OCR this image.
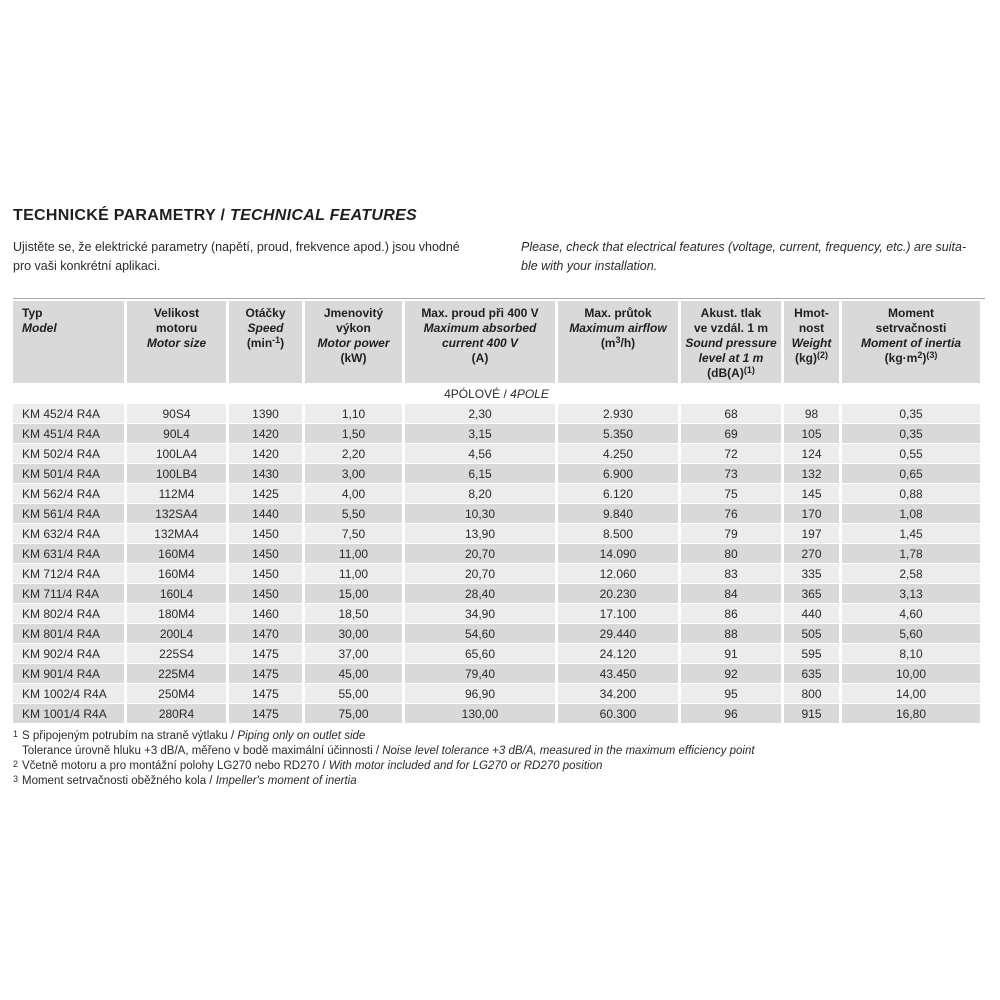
TECHNICKÉ PARAMETRY / TECHNICAL FEATURES

Ujistěte se, že elektrické parametry (napětí, proud, frekvence apod.) jsou vhodné
pro vaši konkrétní aplikaci.

Please, check that electrical features (voltage, current, frequency, etc.) are suita-
ble with your installation.

Typ
Model

Velikost
motoru
Motor size

Otáčky
Speed
$(\min^{-1})$

Jmenovitý
výkon
Motor power
(kW)

Max. proud při 400 V
Maximum absorbed
current 400 V
(A)

Max. průtok
Maximum airflow
$(m^3/h)$

Akust. tlak
ve vzdál. 1 m
Sound pressure
level at 1 m
($dB(A)^{(1)}$

Hmot-
nost
Weight
(kg)$^{(2)}$

Moment
setrvačnosti
Moment of inertia
$(kg\cdot m^2)^{(3)}$

4PÓLOVÉ / 4POLE								
KM 452/4 R4A	90S4	1390	1,10	2,30	2.930	68	98	0,35
KM 451/4 R4A	90L4	1420	1,50	3,15	5.350	69	105	0,35
KM 502/4 R4A	100LA4	1420	2,20	4,56	4.250	72	124	0,55
KM 501/4 R4A	100LB4	1430	3,00	6,15	6.900	73	132	0,65
KM 562/4 R4A	112M4	1425	4,00	8,20	6.120	75	145	0,88
KM 561/4 R4A	132SA4	1440	5,50	10,30	9.840	76	170	1,08
KM 632/4 R4A	132MA4	1450	7,50	13,90	8.500	79	197	1,45
KM 631/4 R4A	160M4	1450	11,00	20,70	14.090	80	270	1,78
KM 712/4 R4A	160M4	1450	11,00	20,70	12.060	83	335	2,58
KM 711/4 R4A	160L4	1450	15,00	28,40	20.230	84	365	3,13
KM 802/4 R4A	180M4	1460	18,50	34,90	17.100	86	440	4,60
KM 801/4 R4A	200L4	1470	30,00	54,60	29.440	88	505	5,60
KM 902/4 R4A	225S4	1475	37,00	65,60	24.120	91	595	8,10
KM 901/4 R4A	225M4	1475	45,00	79,40	43.450	92	635	10,00
KM 1002/4 R4A	250M4	1475	55,00	96,90	34.200	95	800	14,00
KM 1001/4 R4A	280R4	1475	75,00	130,00	60.300	96	915	16,80
1 S připojeným potrubím na straně výtlaku / Piping only on outlet side
Tolerance úrovně hluku +3 dB/A, měřeno v bodě maximální účinnosti / Noise level tolerance +3 dB/A, measured in the maximum efficiency point
2 Včetně motoru a pro montážní polohy LG270 nebo RD270 / With motor included and for LG270 or RD270 position
3 Moment setrvačnosti oběžného kola / Impeller's moment of inertia
